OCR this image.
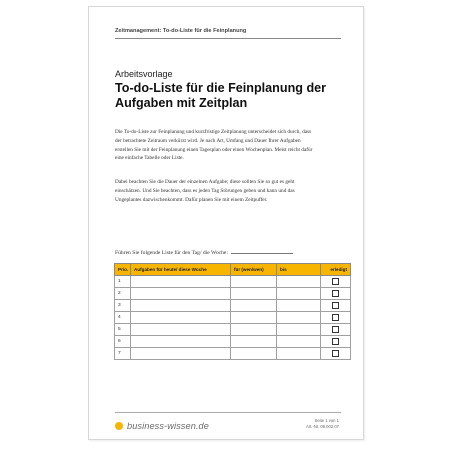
Zeitmanagement: To-do-Liste für die Feinplanung
Arbeitsvorlage
To-do-Liste für die Feinplanung der Aufgaben mit Zeitplan
Die To-do-Liste zur Feinplanung und kurzfristige Zeitplanung unterscheidet sich durch, dass der betrachtete Zeitraum verkürzt wird. Je nach Art, Umfang und Dauer Ihrer Aufgaben erstellen Sie mit der Feinplanung einen Tagesplan oder einen Wochenplan. Meist reicht dafür eine einfache Tabelle oder Liste.
Dabei beachten Sie die Dauer der einzelnen Aufgabe; diese sollten Sie so gut es geht einschätzen. Und Sie beachten, dass es jeden Tag Störungen geben und kann und das Ungeplantes dazwischenkommt. Dafür planen Sie mit einem Zeitpuffer.
Führen Sie folgende Liste für den Tag/ die Woche:
Prio.	Aufgaben für heute/ diese Woche	für (wen/wen)	bis	erledigt
1				
2				
3				
4				
5				
6				
7				
business-wissen.de
Seite 1 von 1
Art.-Nr. 06.002.07
